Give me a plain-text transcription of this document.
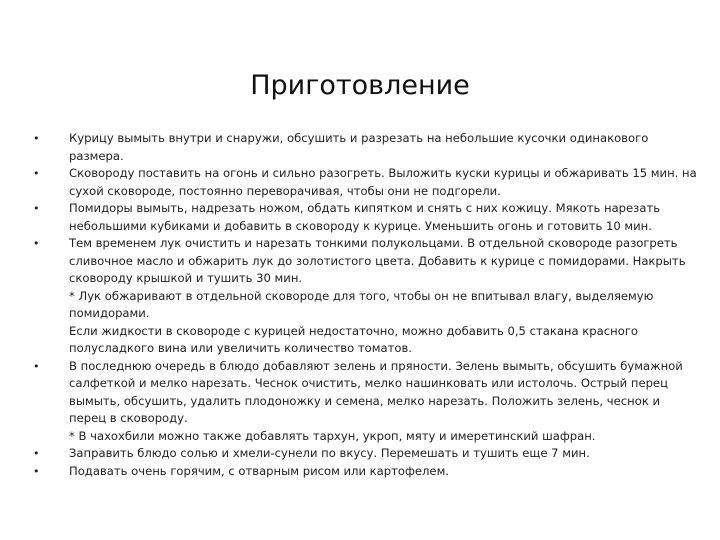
Приготовление
•	Курицу вымыть внутри и снаружи, обсушить и разрезать на небольшие кусочки одинакового
размера.
•	Сковороду поставить на огонь и сильно разогреть. Выложить куски курицы и обжаривать 15 мин. на
сухой сковороде, постоянно переворачивая, чтобы они не подгорели.
•	Помидоры вымыть, надрезать ножом, обдать кипятком и снять с них кожицу. Мякоть нарезать
небольшими кубиками и добавить в сковороду к курице. Уменьшить огонь и готовить 10 мин.
•	Тем временем лук очистить и нарезать тонкими полукольцами. В отдельной сковороде разогреть
сливочное масло и обжарить лук до золотистого цвета. Добавить к курице с помидорами. Накрыть
сковороду крышкой и тушить 30 мин.
* Лук обжаривают в отдельной сковороде для того, чтобы он не впитывал влагу, выделяемую
помидорами.
Если жидкости в сковороде с курицей недостаточно, можно добавить 0,5 стакана красного
полусладкого вина или увеличить количество томатов.
•	В последнюю очередь в блюдо добавляют зелень и пряности. Зелень вымыть, обсушить бумажной
салфеткой и мелко нарезать. Чеснок очистить, мелко нашинковать или истолочь. Острый перец
вымыть, обсушить, удалить плодоножку и семена, мелко нарезать. Положить зелень, чеснок и
перец в сковороду.
* В чахохбили можно также добавлять тархун, укроп, мяту и имеретинский шафран.
•	Заправить блюдо солью и хмели-сунели по вкусу. Перемешать и тушить еще 7 мин.
•	Подавать очень горячим, с отварным рисом или картофелем.
